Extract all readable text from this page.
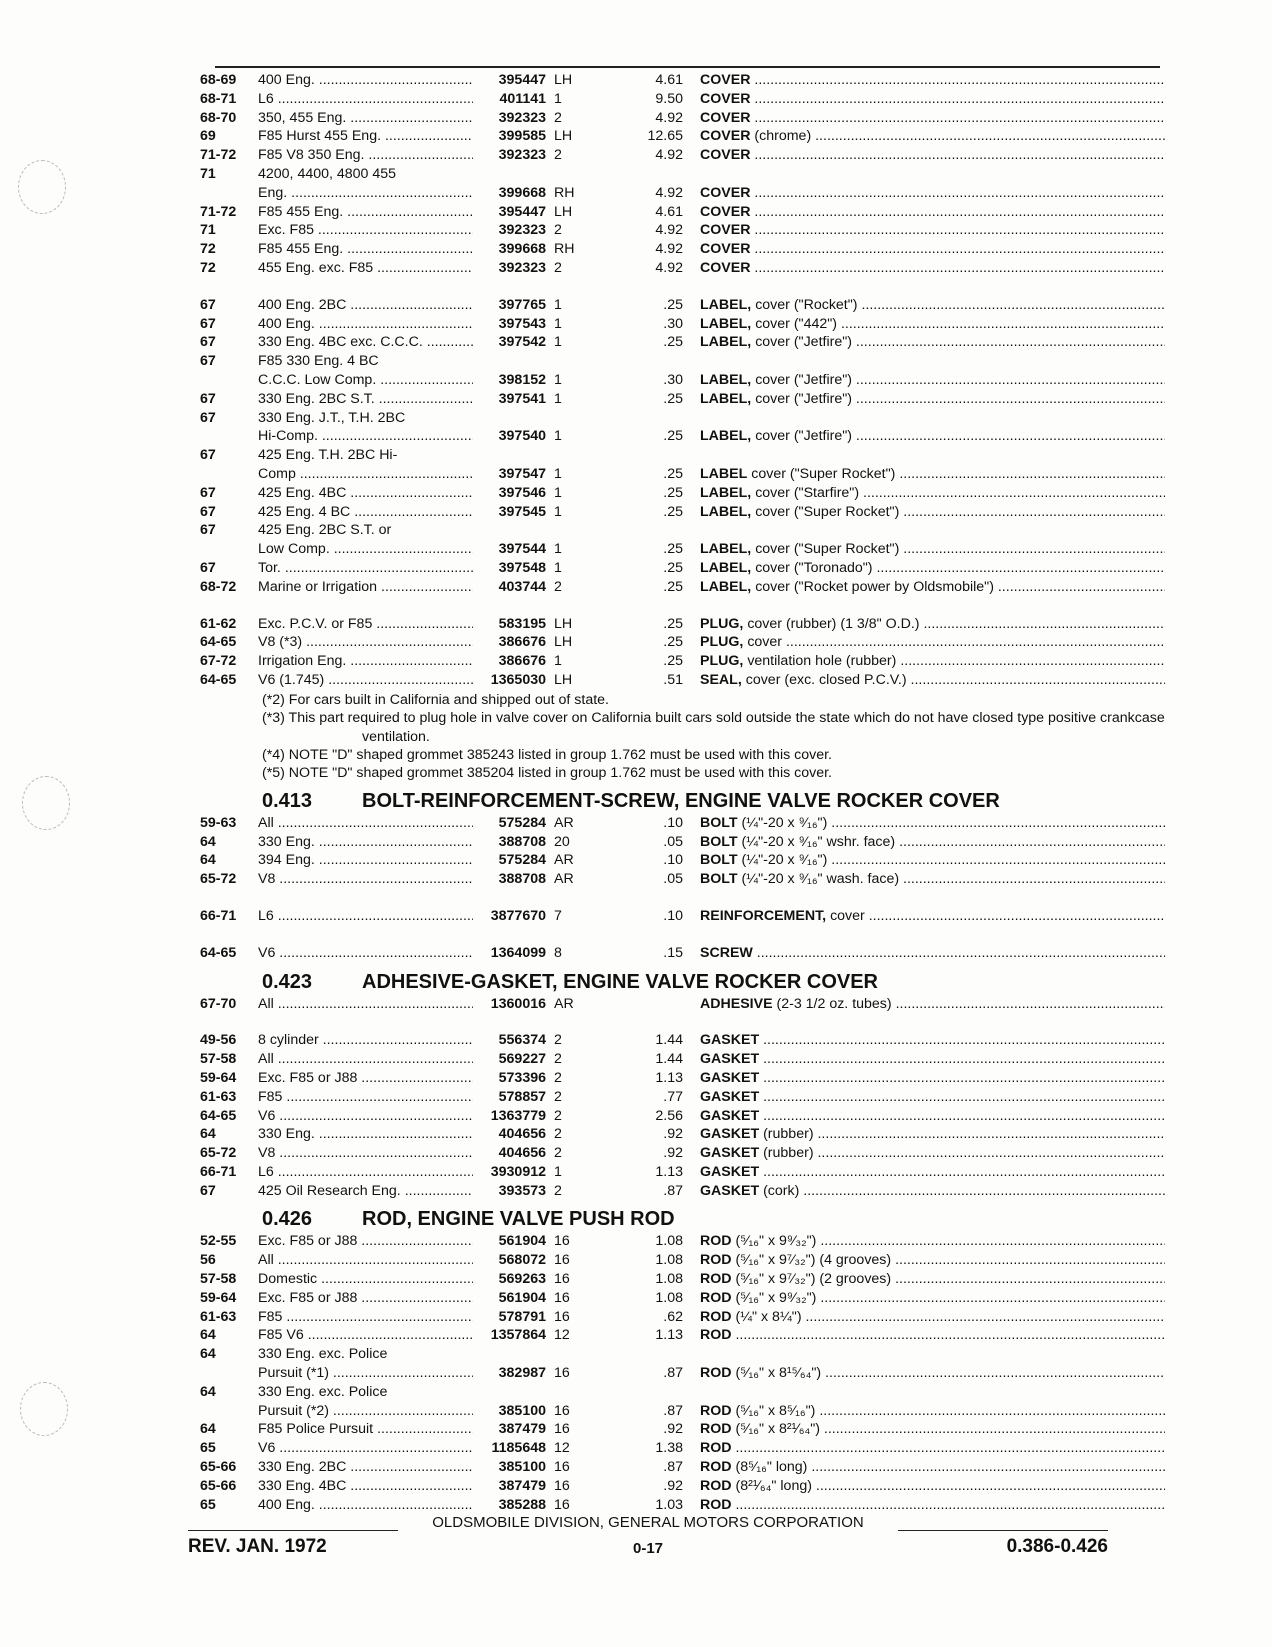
68-69	400 Eng. .....	395447 LH	4.61 COVER .....
68-71	L6 .....	401141 1	9.50 COVER .....
68-70	350, 455 Eng. .....	392323 2	4.92 COVER .....
69	F85 Hurst 455 Eng. .....	399585 LH	12.65 COVER (chrome) .....
71-72	F85 V8 350 Eng. .....	392323 2	4.92 COVER .....
71	4200, 4400, 4800 455
Eng. .....	399668 RH	4.92 COVER .....
71-72	F85 455 Eng. .....	395447 LH	4.61 COVER .....
71	Exc. F85 .....	392323 2	4.92 COVER .....
72	F85 455 Eng. .....	399668 RH	4.92 COVER .....
72	455 Eng. exc. F85 .....	392323 2	4.92 COVER .....
67	400 Eng. 2BC .....	397765 1	.25 LABEL, cover ("Rocket") .....
67	400 Eng. .....	397543 1	.30 LABEL, cover ("442") .....
67	330 Eng. 4BC exc. C.C.C. .....	397542 1	.25 LABEL, cover ("Jetfire") .....
67	F85 330 Eng. 4 BC
C.C.C. Low Comp. .....	398152 1	.30 LABEL, cover ("Jetfire") .....
67	330 Eng. 2BC S.T. .....	397541 1	.25 LABEL, cover ("Jetfire") .....
67	330 Eng. J.T., T.H. 2BC
Hi-Comp. .....	397540 1	.25 LABEL, cover ("Jetfire") .....
67	425 Eng. T.H. 2BC Hi-
Comp .....	397547 1	.25 LABEL cover ("Super Rocket") .....
67	425 Eng. 4BC .....	397546 1	.25 LABEL, cover ("Starfire") .....
67	425 Eng. 4 BC .....	397545 1	.25 LABEL, cover ("Super Rocket") .....
67	425 Eng. 2BC S.T. or
Low Comp. .....	397544 1	.25 LABEL, cover ("Super Rocket") .....
67	Tor. .....	397548 1	.25 LABEL, cover ("Toronado") .....
68-72	Marine or Irrigation .....	403744 2	.25 LABEL, cover ("Rocket power by Oldsmobile") .....
61-62	Exc. P.C.V. or F85 .....	583195 LH	.25 PLUG, cover (rubber) (1 3/8" O.D.) .....
64-65	V8 (*3) .....	386676 LH	.25 PLUG, cover .....
67-72	Irrigation Eng. .....	386676 1	.25 PLUG, ventilation hole (rubber) .....
64-65	V6 (1.745) .....	1365030 LH	.51 SEAL, cover (exc. closed P.C.V.) .....
(*2) For cars built in California and shipped out of state.
(*3) This part required to plug hole in valve cover on California built cars sold outside the state which do not have closed type positive crankcase ventilation.
(*4) NOTE "D" shaped grommet 385243 listed in group 1.762 must be used with this cover.
(*5) NOTE "D" shaped grommet 385204 listed in group 1.762 must be used with this cover.
0.413 BOLT-REINFORCEMENT-SCREW, ENGINE VALVE ROCKER COVER
59-63	All .....	575284 AR	.10 BOLT (¼"-20 x ⁹⁄₁₆") .....
64	330 Eng. .....	388708 20	.05 BOLT (¼"-20 x ⁹⁄₁₆" wshr. face) .....
64	394 Eng. .....	575284 AR	.10 BOLT (¼"-20 x ⁹⁄₁₆") .....
65-72	V8 .....	388708 AR	.05 BOLT (¼"-20 x ⁹⁄₁₆" wash. face) .....
66-71	L6 .....	3877670 7	.10 REINFORCEMENT, cover .....
64-65	V6 .....	1364099 8	.15 SCREW .....
0.423 ADHESIVE-GASKET, ENGINE VALVE ROCKER COVER
67-70	All .....	1360016 AR	ADHESIVE (2-3 1/2 oz. tubes) .....
49-56	8 cylinder .....	556374 2	1.44 GASKET .....
57-58	All .....	569227 2	1.44 GASKET .....
59-64	Exc. F85 or J88 .....	573396 2	1.13 GASKET .....
61-63	F85 .....	578857 2	.77 GASKET .....
64-65	V6 .....	1363779 2	2.56 GASKET .....
64	330 Eng. .....	404656 2	.92 GASKET (rubber) .....
65-72	V8 .....	404656 2	.92 GASKET (rubber) .....
66-71	L6 .....	3930912 1	1.13 GASKET .....
67	425 Oil Research Eng. .....	393573 2	.87 GASKET (cork) .....
0.426 ROD, ENGINE VALVE PUSH ROD
52-55	Exc. F85 or J88 .....	561904 16	1.08 ROD (⁵⁄₁₆" x 9⁹⁄₃₂") .....
56	All .....	568072 16	1.08 ROD (⁵⁄₁₆" x 9⁷⁄₃₂") (4 grooves) .....
57-58	Domestic .....	569263 16	1.08 ROD (⁵⁄₁₆" x 9⁷⁄₃₂") (2 grooves) .....
59-64	Exc. F85 or J88 .....	561904 16	1.08 ROD (⁵⁄₁₆" x 9⁹⁄₃₂") .....
61-63	F85 .....	578791 16	.62 ROD (¼" x 8¼") .....
64	F85 V6 .....	1357864 12	1.13 ROD .....
64	330 Eng. exc. Police
Pursuit (*1) .....	382987 16	.87 ROD (⁵⁄₁₆" x 8¹⁵⁄₆₄") .....
64	330 Eng. exc. Police
Pursuit (*2) .....	385100 16	.87 ROD (⁵⁄₁₆" x 8⁵⁄₁₆") .....
64	F85 Police Pursuit .....	387479 16	.92 ROD (⁵⁄₁₆" x 8²¹⁄₆₄") .....
65	V6 .....	1185648 12	1.38 ROD .....
65-66	330 Eng. 2BC .....	385100 16	.87 ROD (8⁵⁄₁₆" long) .....
65-66	330 Eng. 4BC .....	387479 16	.92 ROD (8²¹⁄₆₄" long) .....
65	400 Eng. .....	385288 16	1.03 ROD .....
OLDSMOBILE DIVISION, GENERAL MOTORS CORPORATION
REV. JAN. 1972	0-17	0.386-0.426
